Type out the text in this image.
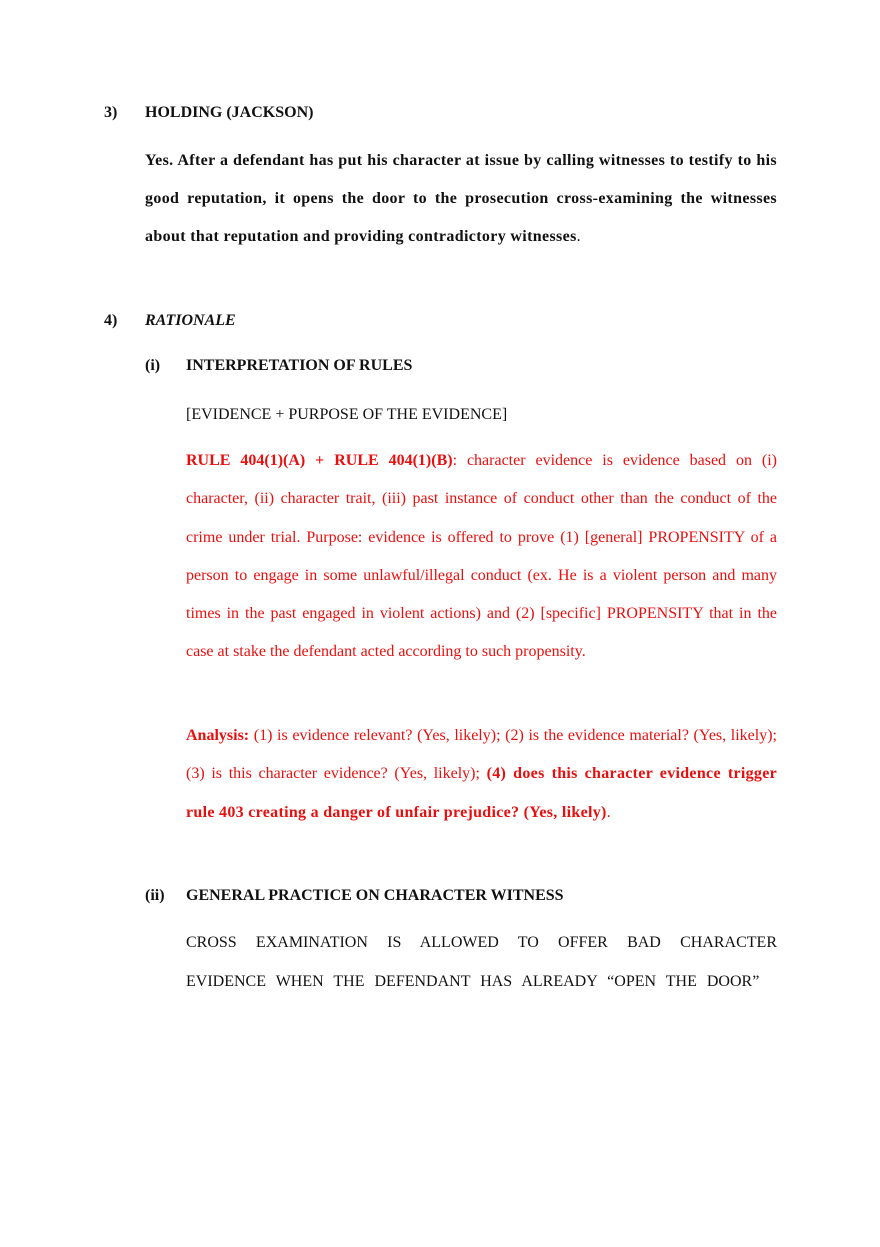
3) HOLDING (JACKSON)

Yes. After a defendant has put his character at issue by calling witnesses to testify to his good reputation, it opens the door to the prosecution cross-examining the witnesses about that reputation and providing contradictory witnesses.

4) RATIONALE
(i) INTERPRETATION OF RULES
[EVIDENCE + PURPOSE OF THE EVIDENCE]

RULE 404(1)(A) + RULE 404(1)(B): character evidence is evidence based on (i) character, (ii) character trait, (iii) past instance of conduct other than the conduct of the crime under trial. Purpose: evidence is offered to prove (1) [general] PROPENSITY of a person to engage in some unlawful/illegal conduct (ex. He is a violent person and many times in the past engaged in violent actions) and (2) [specific] PROPENSITY that in the case at stake the defendant acted according to such propensity.

Analysis: (1) is evidence relevant? (Yes, likely); (2) is the evidence material? (Yes, likely); (3) is this character evidence? (Yes, likely); (4) does this character evidence trigger rule 403 creating a danger of unfair prejudice? (Yes, likely).

(ii) GENERAL PRACTICE ON CHARACTER WITNESS

CROSS EXAMINATION IS ALLOWED TO OFFER BAD CHARACTER EVIDENCE WHEN THE DEFENDANT HAS ALREADY “OPEN THE DOOR”
